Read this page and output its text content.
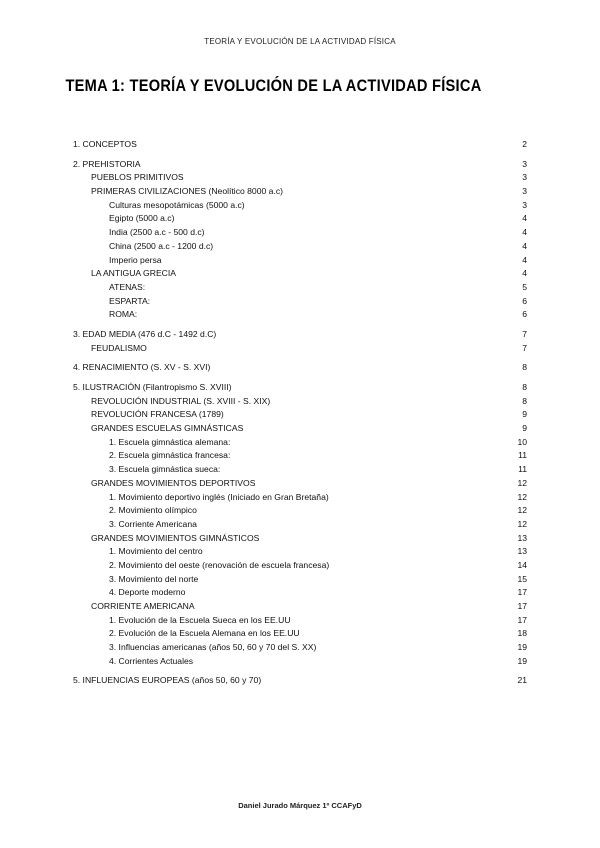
TEORÍA Y EVOLUCIÓN DE LA ACTIVIDAD FÍSICA
TEMA 1: TEORÍA Y EVOLUCIÓN DE LA ACTIVIDAD FÍSICA
1. CONCEPTOS	2
2. PREHISTORIA	3
PUEBLOS PRIMITIVOS	3
PRIMERAS CIVILIZACIONES (Neolítico 8000 a.c)	3
Culturas mesopotámicas (5000 a.c)	3
Egipto (5000 a.c)	4
India (2500 a.c - 500 d.c)	4
China (2500 a.c - 1200 d.c)	4
Imperio persa	4
LA ANTIGUA GRECIA	4
ATENAS:	5
ESPARTA:	6
ROMA:	6
3. EDAD MEDIA (476 d.C - 1492 d.C)	7
FEUDALISMO	7
4. RENACIMIENTO (S. XV - S. XVI)	8
5. ILUSTRACIÓN (Filantropismo S. XVIII)	8
REVOLUCIÓN INDUSTRIAL (S. XVIII - S. XIX)	8
REVOLUCIÓN FRANCESA (1789)	9
GRANDES ESCUELAS GIMNÁSTICAS	9
1. Escuela gimnástica alemana:	10
2. Escuela gimnástica francesa:	11
3. Escuela gimnástica sueca:	11
GRANDES MOVIMIENTOS DEPORTIVOS	12
1. Movimiento deportivo inglés (Iniciado en Gran Bretaña)	12
2. Movimiento olímpico	12
3. Corriente Americana	12
GRANDES MOVIMIENTOS GIMNÁSTICOS	13
1. Movimiento del centro	13
2. Movimiento del oeste (renovación de escuela francesa)	14
3. Movimiento del norte	15
4. Deporte moderno	17
CORRIENTE AMERICANA	17
1. Evolución de la Escuela Sueca en los EE.UU	17
2. Evolución de la Escuela Alemana en los EE.UU	18
3. Influencias americanas (años 50, 60 y 70 del S. XX)	19
4. Corrientes Actuales	19
5. INFLUENCIAS EUROPEAS (años 50, 60 y 70)	21
Daniel Jurado Márquez 1º CCAFyD
